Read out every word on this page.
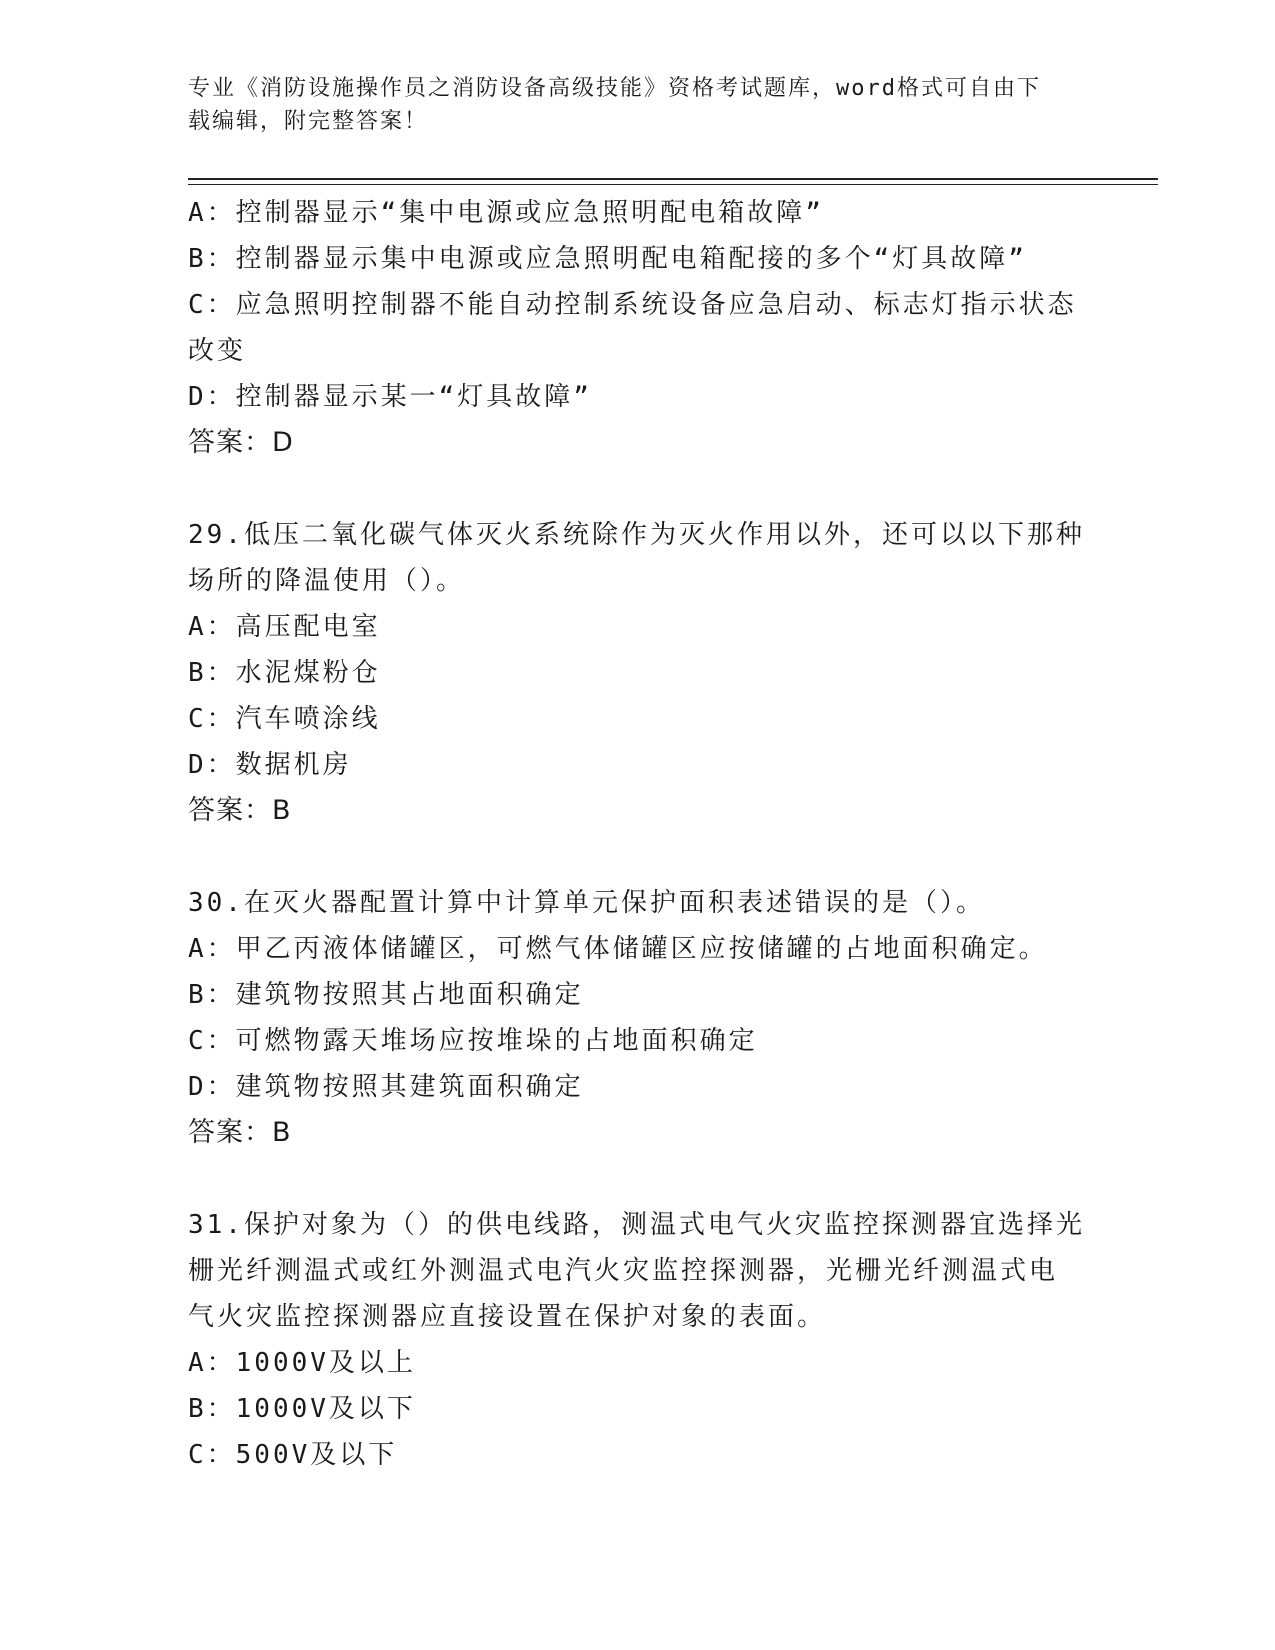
专业《消防设施操作员之消防设备高级技能》资格考试题库，word格式可自由下
载编辑，附完整答案！
A：控制器显示“集中电源或应急照明配电箱故障”
B：控制器显示集中电源或应急照明配电箱配接的多个“灯具故障”
C：应急照明控制器不能自动控制系统设备应急启动、标志灯指示状态
改变
D：控制器显示某一“灯具故障”
答案：D
29.低压二氧化碳气体灭火系统除作为灭火作用以外，还可以以下那种
场所的降温使用（）。
A：高压配电室
B：水泥煤粉仓
C：汽车喷涂线
D：数据机房
答案：B
30.在灭火器配置计算中计算单元保护面积表述错误的是（）。
A：甲乙丙液体储罐区，可燃气体储罐区应按储罐的占地面积确定。
B：建筑物按照其占地面积确定
C：可燃物露天堆场应按堆垛的占地面积确定
D：建筑物按照其建筑面积确定
答案：B
31.保护对象为（）的供电线路，测温式电气火灾监控探测器宜选择光
栅光纤测温式或红外测温式电汽火灾监控探测器，光栅光纤测温式电
气火灾监控探测器应直接设置在保护对象的表面。
A：1000V及以上
B：1000V及以下
C：500V及以下
